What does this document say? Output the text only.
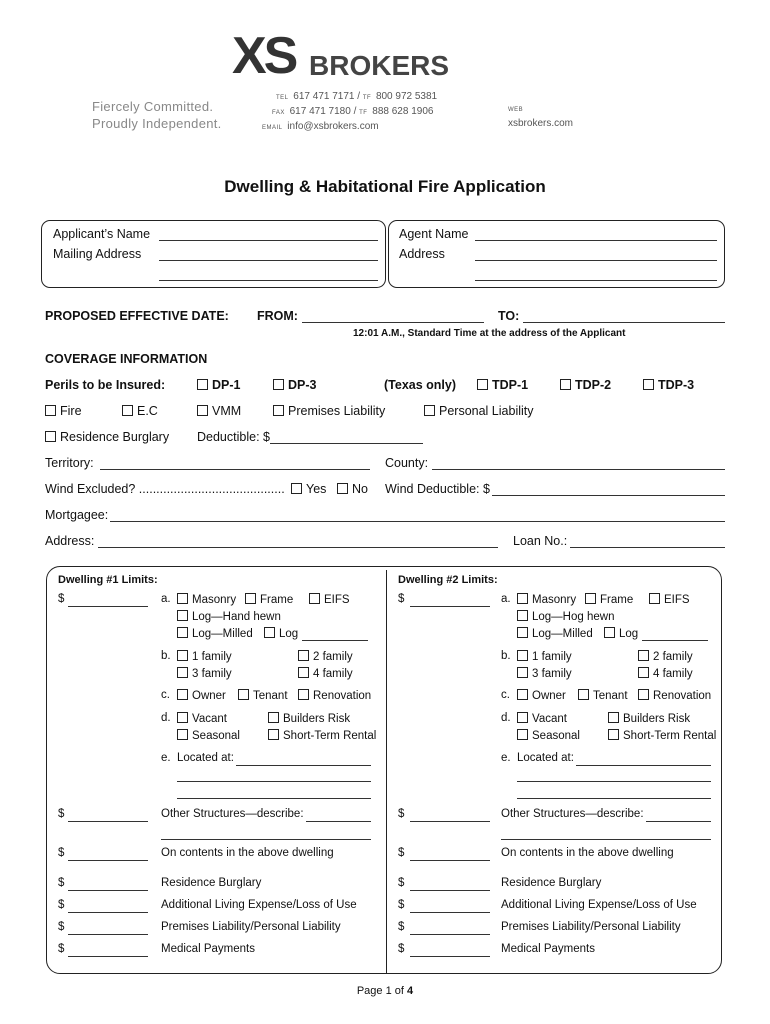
XS BROKERS
Fiercely Committed.
Proudly Independent.
TEL 617 471 7171 / TF 800 972 5381
FAX 617 471 7180 / TF 888 628 1906
EMAIL info@xsbrokers.com
WEB
xsbrokers.com
Dwelling & Habitational Fire Application
Applicant’s Name
Mailing Address
Agent Name
Address
PROPOSED EFFECTIVE DATE: FROM:	TO:
12:01 A.M., Standard Time at the address of the Applicant
COVERAGE INFORMATION
Perils to be Insured:	DP-1	DP-3	(Texas only)	TDP-1	TDP-2	TDP-3
Fire	E.C	VMM	Premises Liability	Personal Liability
Residence Burglary Deductible: $
Territory:	County:
Wind Excluded? ..........................................	Yes	No Wind Deductible: $
Mortgagee:
Address:	Loan No.:
Dwelling #1 Limits:
$	a.	Masonry	Frame	EIFS
Log—Hand hewn
Log—Milled	Log
b.	1 family	2 family
3 family	4 family
c.	Owner	Tenant	Renovation
d.	Vacant	Builders Risk
Seasonal	Short-Term Rental
e. Located at:
$	Other Structures—describe:
$	On contents in the above dwelling
$	Residence Burglary
$	Additional Living Expense/Loss of Use
$	Premises Liability/Personal Liability
$	Medical Payments
Dwelling #2 Limits:
$	a.	Masonry	Frame	EIFS
Log—Hog hewn
Log—Milled	Log
b.	1 family	2 family
3 family	4 family
c.	Owner	Tenant	Renovation
d.	Vacant	Builders Risk
Seasonal	Short-Term Rental
e. Located at:
$	Other Structures—describe:
$	On contents in the above dwelling
$	Residence Burglary
$	Additional Living Expense/Loss of Use
$	Premises Liability/Personal Liability
$	Medical Payments
Page 1 of 4
